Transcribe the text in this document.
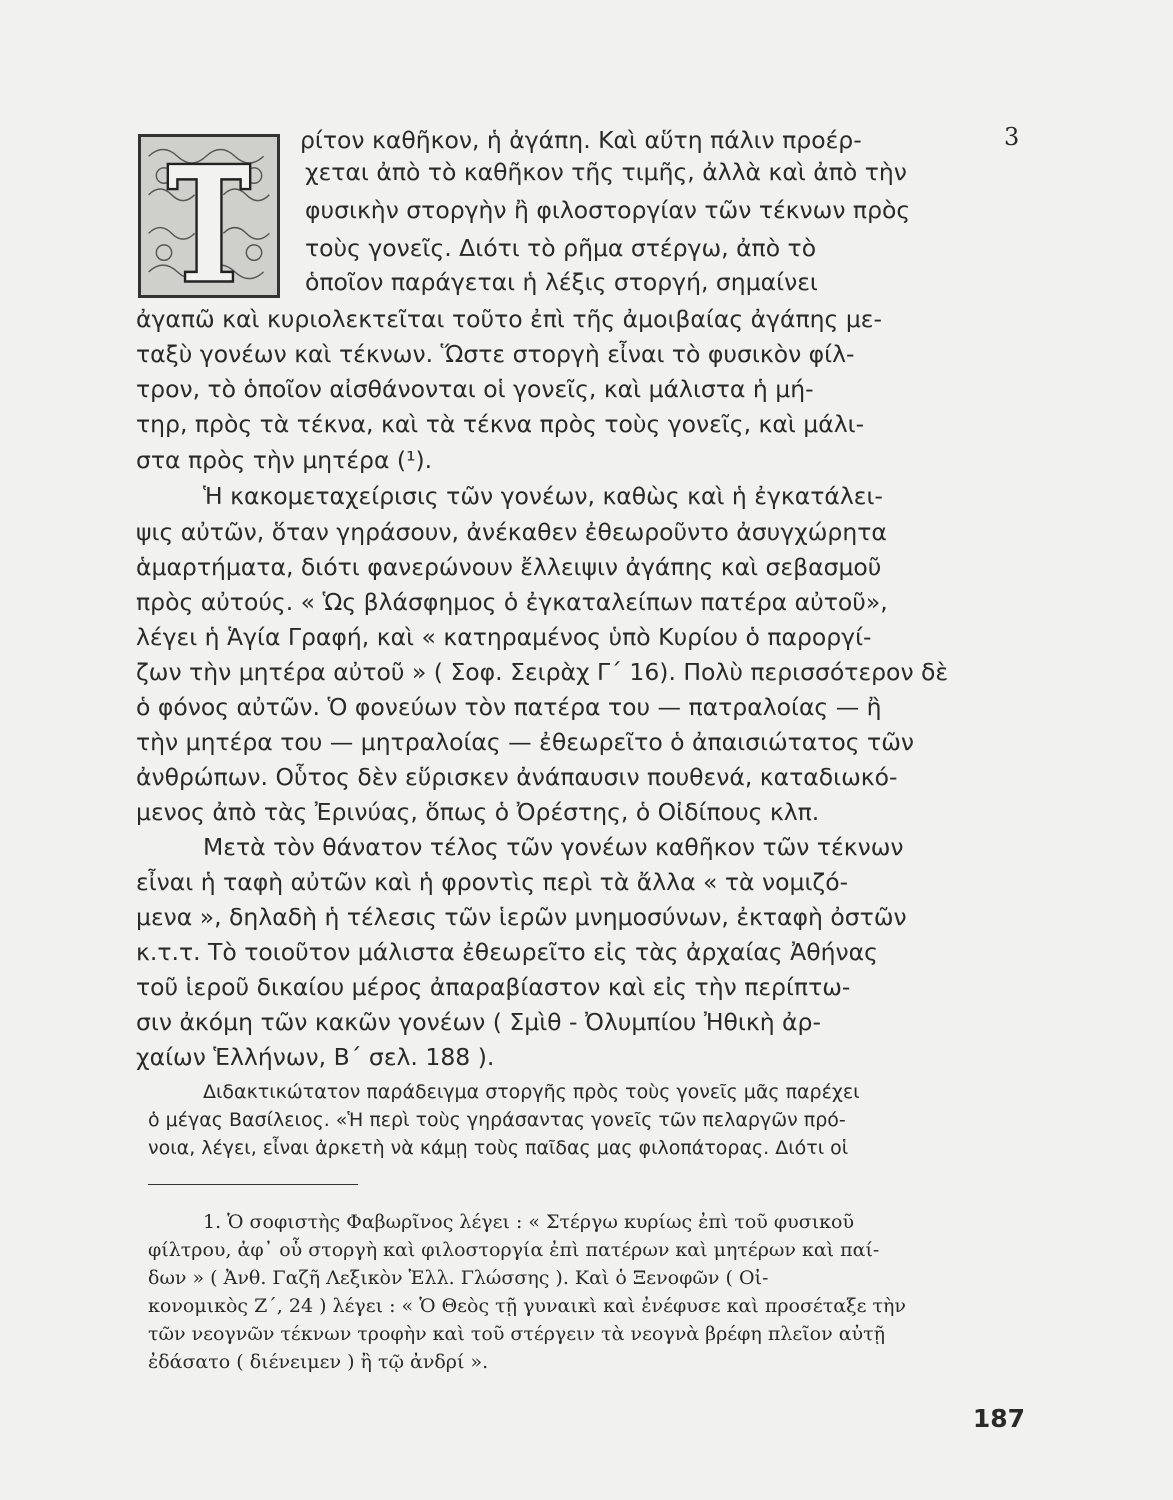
3
ρίτον καθῆκον, ἡ ἀγάπη. Καὶ αὕτη πάλιν προέρ-
χεται ἀπὸ τὸ καθῆκον τῆς τιμῆς, ἀλλὰ καὶ ἀπὸ τὴν
φυσικὴν στοργὴν ἢ φιλοστοργίαν τῶν τέκνων πρὸς
τοὺς γονεῖς. Διότι τὸ ρῆμα στέργω, ἀπὸ τὸ
ὁποῖον παράγεται ἡ λέξις στοργή, σημαίνει
ἀγαπῶ καὶ κυριολεκτεῖται τοῦτο ἐπὶ τῆς ἀμοιβαίας ἀγάπης με-
ταξὺ γονέων καὶ τέκνων. Ὥστε στοργὴ εἶναι τὸ φυσικὸν φίλ-
τρον, τὸ ὁποῖον αἰσθάνονται οἱ γονεῖς, καὶ μάλιστα ἡ μή-
τηρ, πρὸς τὰ τέκνα, καὶ τὰ τέκνα πρὸς τοὺς γονεῖς, καὶ μάλι-
στα πρὸς τὴν μητέρα (¹).
Ἡ κακομεταχείρισις τῶν γονέων, καθὼς καὶ ἡ ἐγκατάλει-
ψις αὐτῶν, ὅταν γηράσουν, ἀνέκαθεν ἐθεωροῦντο ἀσυγχώρητα
ἁμαρτήματα, διότι φανερώνουν ἔλλειψιν ἀγάπης καὶ σεβασμοῦ
πρὸς αὐτούς. « Ὡς βλάσφημος ὁ ἐγκαταλείπων πατέρα αὐτοῦ»,
λέγει ἡ Ἁγία Γραφή, καὶ « κατηραμένος ὑπὸ Κυρίου ὁ παροργί-
ζων τὴν μητέρα αὐτοῦ » ( Σοφ. Σειρὰχ Γ΄ 16). Πολὺ περισσότερον δὲ
ὁ φόνος αὐτῶν. Ὁ φονεύων τὸν πατέρα του — πατραλοίας — ἢ
τὴν μητέρα του — μητραλοίας — ἐθεωρεῖτο ὁ ἀπαισιώτατος τῶν
ἀνθρώπων. Οὗτος δὲν εὕρισκεν ἀνάπαυσιν πουθενά, καταδιωκό-
μενος ἀπὸ τὰς Ἐρινύας, ὅπως ὁ Ὀρέστης, ὁ Οἰδίπους κλπ.
Μετὰ τὸν θάνατον τέλος τῶν γονέων καθῆκον τῶν τέκνων
εἶναι ἡ ταφὴ αὐτῶν καὶ ἡ φροντὶς περὶ τὰ ἄλλα « τὰ νομιζό-
μενα », δηλαδὴ ἡ τέλεσις τῶν ἱερῶν μνημοσύνων, ἐκταφὴ ὀστῶν
κ.τ.τ. Τὸ τοιοῦτον μάλιστα ἐθεωρεῖτο εἰς τὰς ἀρχαίας Ἀθήνας
τοῦ ἱεροῦ δικαίου μέρος ἀπαραβίαστον καὶ εἰς τὴν περίπτω-
σιν ἀκόμη τῶν κακῶν γονέων ( Σμὶθ - Ὀλυμπίου Ἠθικὴ ἀρ-
χαίων Ἑλλήνων, Β΄ σελ. 188 ).
Διδακτικώτατον παράδειγμα στοργῆς πρὸς τοὺς γονεῖς μᾶς παρέχει
ὁ μέγας Βασίλειος. «Ἡ περὶ τοὺς γηράσαντας γονεῖς τῶν πελαργῶν πρό-
νοια, λέγει, εἶναι ἀρκετὴ νὰ κάμῃ τοὺς παῖδας μας φιλοπάτορας. Διότι οἱ
1. Ὁ σοφιστὴς Φαβωρῖνος λέγει : « Στέργω κυρίως ἐπὶ τοῦ φυσικοῦ
φίλτρου, ἀφ᾿ οὗ στοργὴ καὶ φιλοστοργία ἐπὶ πατέρων καὶ μητέρων καὶ παί-
δων » ( Ἀνθ. Γαζῆ Λεξικὸν Ἑλλ. Γλώσσης ). Καὶ ὁ Ξενοφῶν ( Οἰ-
κονομικὸς Ζ΄, 24 ) λέγει : « Ὁ Θεὸς τῇ γυναικὶ καὶ ἐνέφυσε καὶ προσέταξε τὴν
τῶν νεογνῶν τέκνων τροφὴν καὶ τοῦ στέργειν τὰ νεογνὰ βρέφη πλεῖον αὐτῇ
ἐδάσατο ( διένειμεν ) ἢ τῷ ἀνδρί ».
187
